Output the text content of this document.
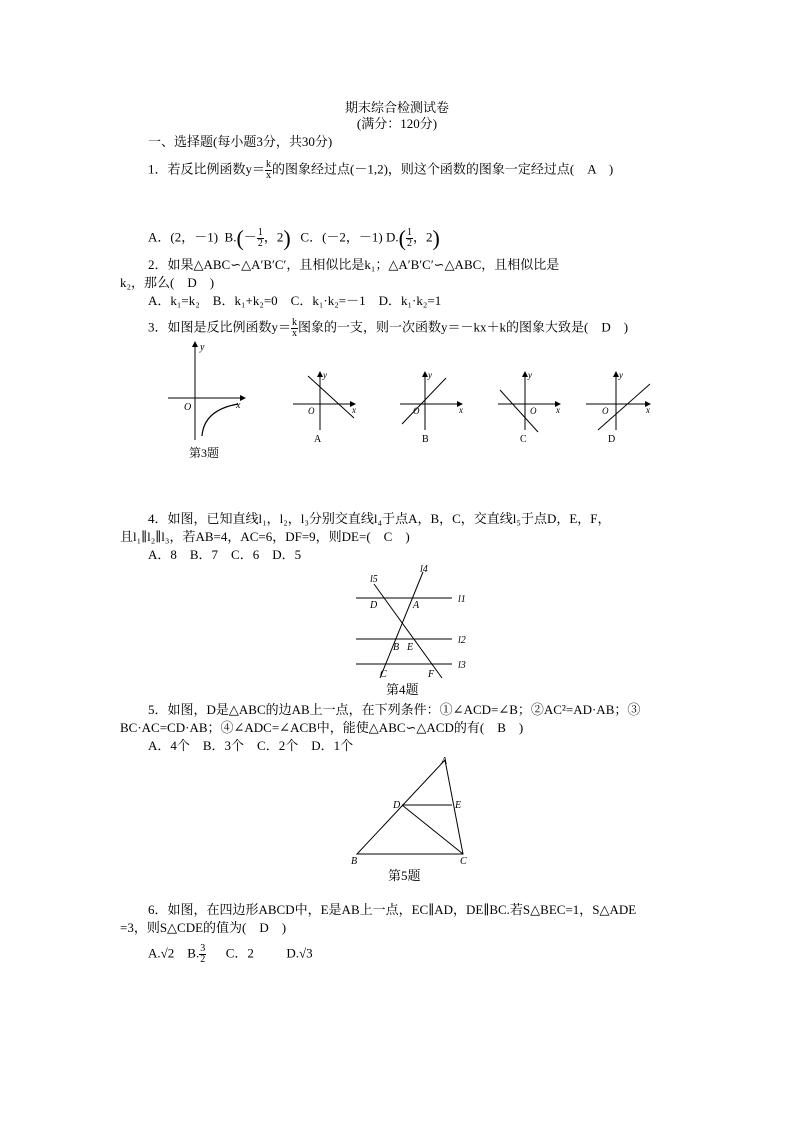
期末综合检测试卷
(满分：120分)
一、选择题(每小题3分，共30分)
1．若反比例函数$y= \frac{k}{x}$ 的图象经过点(－1,2)，则这个函数的图象一定经过点(　A　)
A．(2，－1) $B.(- \frac{1}{2}$ ，2) C．(－2，－1) $D.( \frac{1}{2}$ ，2)
2．如果△ABC∽△A′B′C′，且相似比是k₁；△A′B′C′∽△ABC，且相似比是
k₂，那么(　D　)
A．k₁=k₂　B．k₁+k₂=0　C．k₁·k₂=－1　D．k₁·k₂=1
3．如图是反比例函数$y= \frac{k}{x}$ 图象的一支，则一次函数y＝－kx＋k的图象大致是(　D　)
y
x
O
第3题
y
x
O
A
y
x
O
B
y
x
O
C
y
x
O
D
4．如图，已知直线l₁，l₂，l₃分别交直线l₄于点A，B，C，交直线l₅于点D，E，F，
且l₁∥l₂∥l₃，若AB=4，AC=6，DF=9，则DE=(　C　)
A．8　B．7　C．6　D．5
l5
l4
l1
l2
l3
D	A
B E
C	F
第4题
5．如图，D是△ABC的边AB上一点，在下列条件：①∠ACD=∠B；②AC²=AD·AB；③
BC·AC=CD·AB；④∠ADC=∠ACB中，能使△ABC∽△ACD的有(　B　)
A．4个　B．3个　C．2个　D．1个
A
D	E
B	C
第5题
6．如图，在四边形ABCD中，E是AB上一点，EC∥AD，DE∥BC.若S△BEC=1，S△ADE
=3，则S△CDE的值为(　D　)
A.√2 B. $\frac{3}{2}$ C．2	D.√3
